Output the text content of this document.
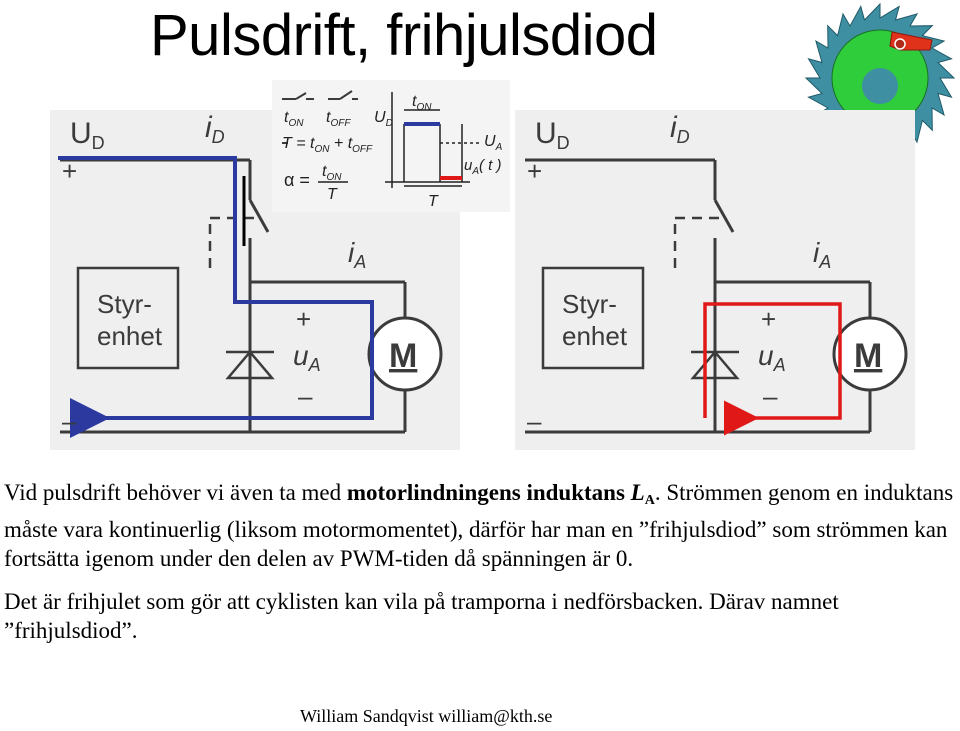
Pulsdrift, frihjulsdiod
$U_D$
+
–
$i_D$
$i_A$
Styr-
enhet
+
$u_A$
–
M
$U_D$
+
–
$i_D$
$i_A$
Styr-
enhet
+
$u_A$
–
M
$t_{ON}$ $t_{OFF}$
$T = t_{ON} + t_{OFF}$
$\alpha = t_{ON}$
T
$t_{ON}$
$U_D$
$U_A$
$u_A$( t )
T

Vid pulsdrift behöver vi även ta med motorlindningens induktans $L_A$. Strömmen genom en induktans måste vara kontinuerlig (liksom motormomentet), därför har man en ”frihjulsdiod” som strömmen kan fortsätta igenom under den delen av PWM-tiden då spänningen är 0.

Det är frihjulet som gör att cyklisten kan vila på tramporna i nedförsbacken. Därav namnet ”frihjulsdiod”.

William Sandqvist william@kth.se
